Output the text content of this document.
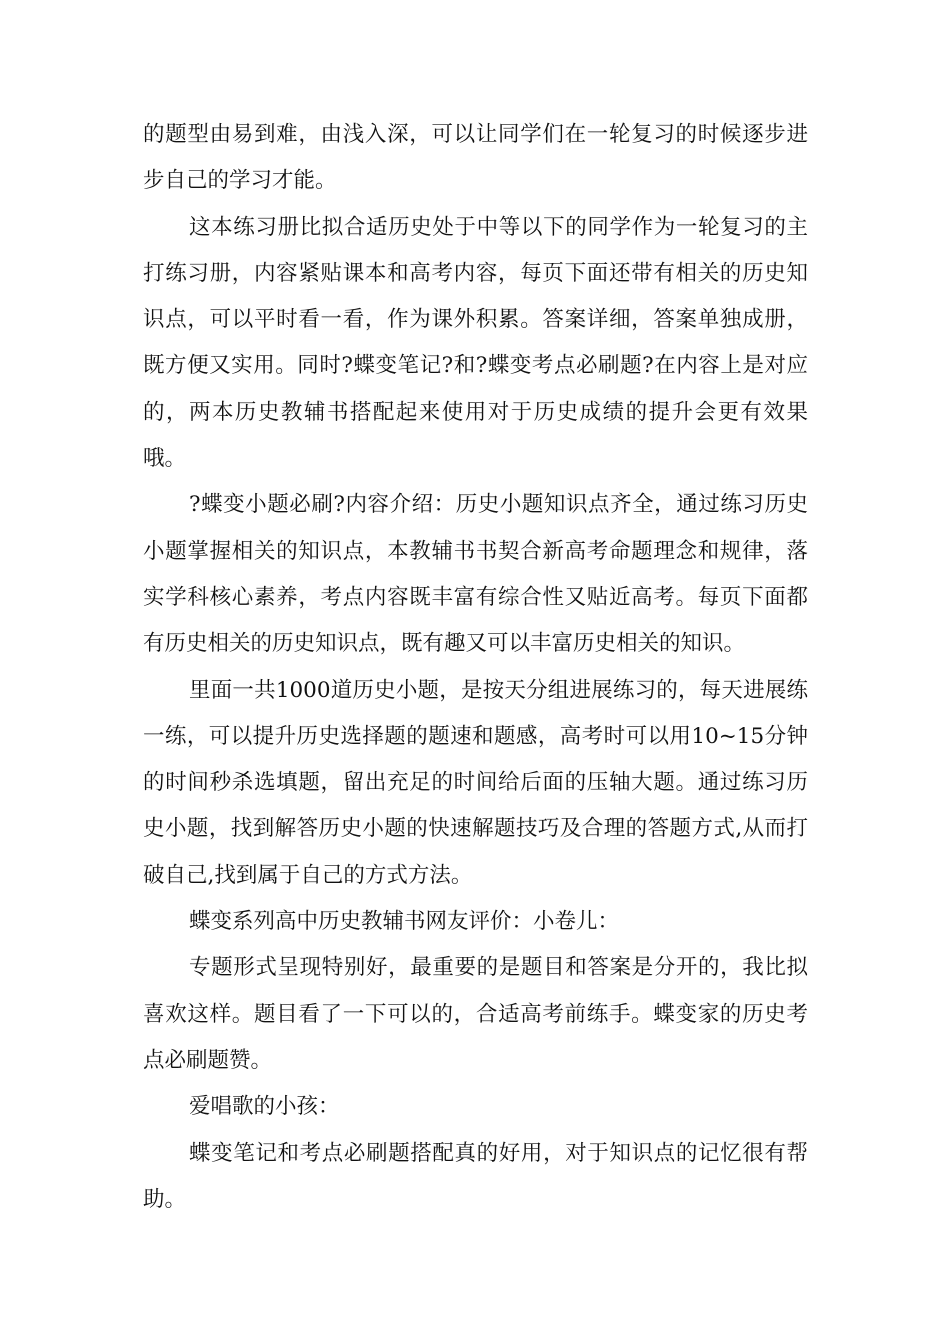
的题型由易到难，由浅入深，可以让同学们在一轮复习的时候逐步进步自己的学习才能。

这本练习册比拟合适历史处于中等以下的同学作为一轮复习的主打练习册，内容紧贴课本和高考内容，每页下面还带有相关的历史知识点，可以平时看一看，作为课外积累。答案详细，答案单独成册，既方便又实用。同时?蝶变笔记?和?蝶变考点必刷题?在内容上是对应的，两本历史教辅书搭配起来使用对于历史成绩的提升会更有效果哦。

?蝶变小题必刷?内容介绍：历史小题知识点齐全，通过练习历史小题掌握相关的知识点，本教辅书书契合新高考命题理念和规律，落实学科核心素养，考点内容既丰富有综合性又贴近高考。每页下面都有历史相关的历史知识点，既有趣又可以丰富历史相关的知识。

里面一共1000道历史小题，是按天分组进展练习的，每天进展练一练，可以提升历史选择题的题速和题感，高考时可以用10~15分钟的时间秒杀选填题，留出充足的时间给后面的压轴大题。通过练习历史小题，找到解答历史小题的快速解题技巧及合理的答题方式,从而打破自己,找到属于自己的方式方法。

蝶变系列高中历史教辅书网友评价：小卷儿：

专题形式呈现特别好，最重要的是题目和答案是分开的，我比拟喜欢这样。题目看了一下可以的，合适高考前练手。蝶变家的历史考点必刷题赞。

爱唱歌的小孩：

蝶变笔记和考点必刷题搭配真的好用，对于知识点的记忆很有帮助。
